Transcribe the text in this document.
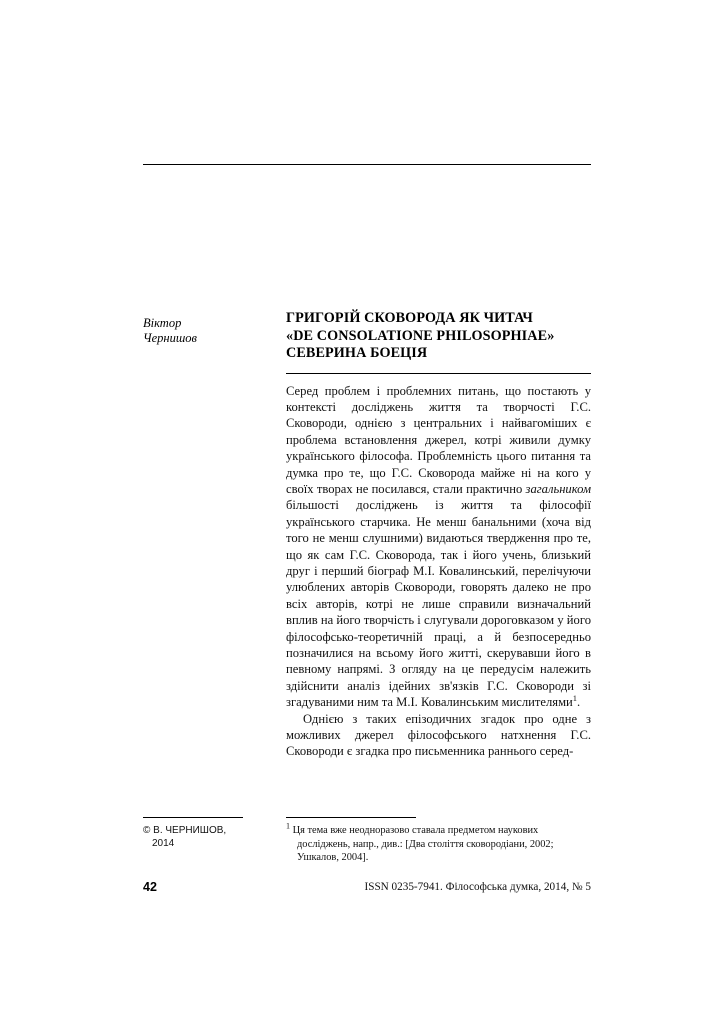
Віктор
Чернишов
ГРИГОРІЙ СКОВОРОДА ЯК ЧИТАЧ
«DE CONSOLATIONE PHILOSOPHIAE»
СЕВЕРИНА БОЕЦІЯ

Серед проблем і проблемних питань, що постають у контексті досліджень життя та творчості Г.С. Сковороди, однією з центральних і найвагоміших є проблема встановлення джерел, котрі живили думку українського філософа. Проблемність цього питання та думка про те, що Г.С. Сковорода майже ні на кого у своїх творах не посилався, стали практично загальником більшості досліджень із життя та філософії українського старчика. Не менш банальними (хоча від того не менш слушними) видаються твердження про те, що як сам Г.С. Сковорода, так і його учень, близький друг і перший біограф М.І. Ковалинський, перелічуючи улюблених авторів Сковороди, говорять далеко не про всіх авторів, котрі не лише справили визначальний вплив на його творчість і слугували дороговказом у його філософсько-теоретичній праці, а й безпосередньо позначилися на всьому його житті, скерувавши його в певному напрямі. З огляду на це передусім належить здійснити аналіз ідейних зв'язків Г.С. Сковороди зі згадуваними ним та М.І. Ковалинським мислителями$^1$.

Однією з таких епізодичних згадок про одне з можливих джерел філософського натхнення Г.С. Сковороди є згадка про письменника раннього серед-

© В. ЧЕРНИШОВ,
2014
$^1$ Ця тема вже неодноразово ставала предметом наукових
досліджень, напр., див.: [Два століття сковородіани, 2002;
Ушкалов, 2004].
42	ISSN 0235-7941. Філософська думка, 2014, № 5
